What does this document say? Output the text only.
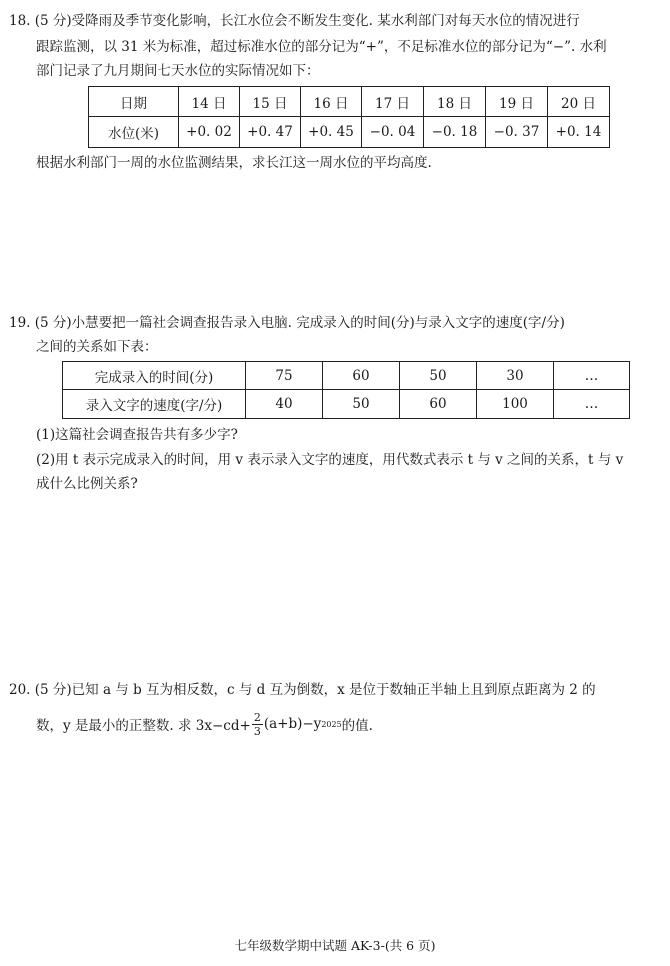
18. (5 分)受降雨及季节变化影响，长江水位会不断发生变化. 某水利部门对每天水位的情况进行
跟踪监测，以 31 米为标准，超过标准水位的部分记为“+”，不足标准水位的部分记为“−”. 水利
部门记录了九月期间七天水位的实际情况如下：
日期	14 日	15 日	16 日	17 日	18 日	19 日	20 日
水位(米)	+0. 02	+0. 47	+0. 45	−0. 04	−0. 18	−0. 37	+0. 14
根据水利部门一周的水位监测结果，求长江这一周水位的平均高度.
19. (5 分)小慧要把一篇社会调查报告录入电脑. 完成录入的时间(分)与录入文字的速度(字/分)
之间的关系如下表：
完成录入的时间(分)	75	60	50	30	…
录入文字的速度(字/分)	40	50	60	100	…
(1)这篇社会调查报告共有多少字?
(2)用 t 表示完成录入的时间，用 v 表示录入文字的速度，用代数式表示 t 与 v 之间的关系，t 与 v
成什么比例关系?
20. (5 分)已知 a 与 b 互为相反数，c 与 d 互为倒数，x 是位于数轴正半轴上且到原点距离为 2 的
数，y 是最小的正整数. 求 $3x-cd+ \frac{2}{3} (a+b)-y$ 2025 的值.
七年级数学期中试题 AK-3-(共 6 页)
